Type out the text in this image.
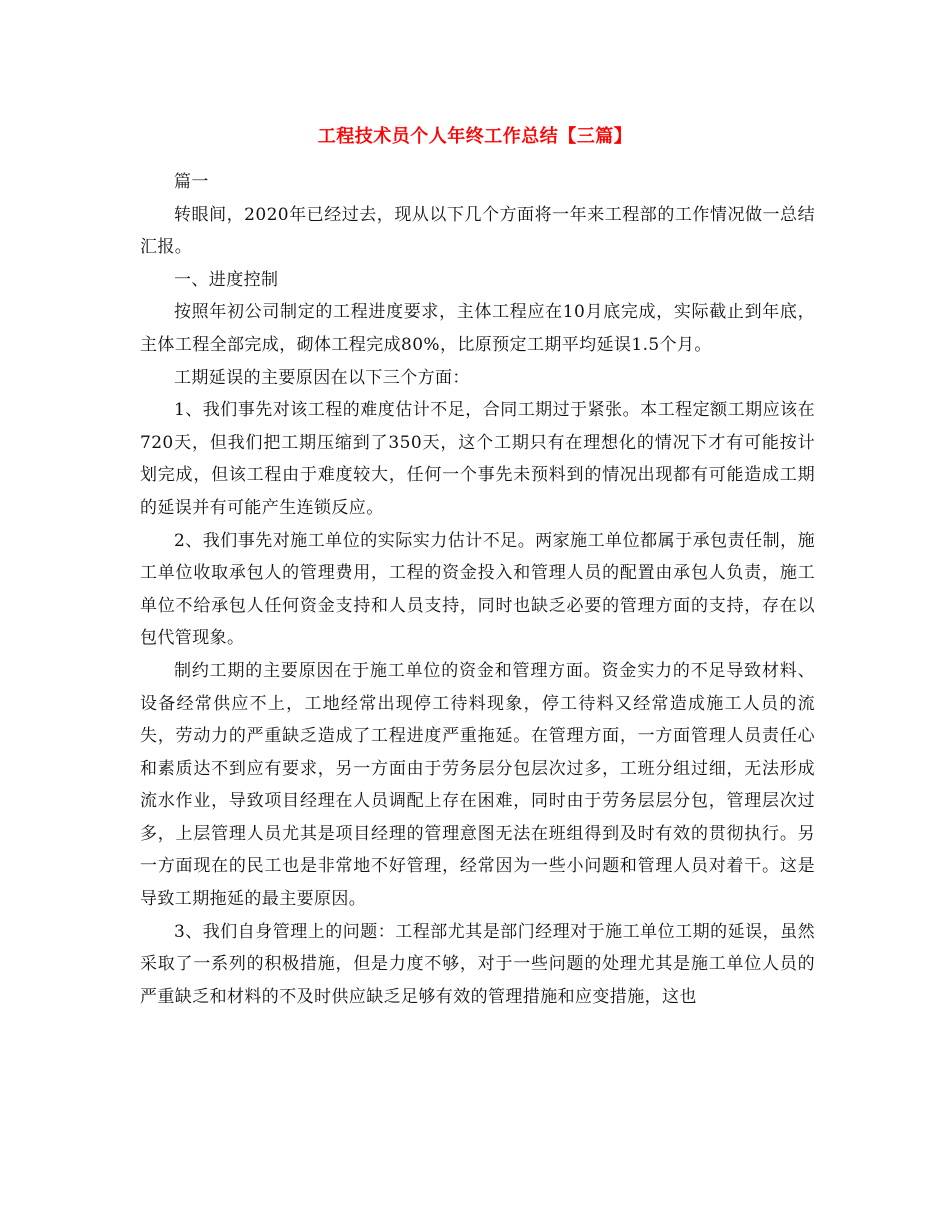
工程技术员个人年终工作总结【三篇】

篇一

转眼间，2020年已经过去，现从以下几个方面将一年来工程部的工作情况做一总结汇报。

一、进度控制

按照年初公司制定的工程进度要求，主体工程应在10月底完成，实际截止到年底，主体工程全部完成，砌体工程完成80%，比原预定工期平均延误1.5个月。

工期延误的主要原因在以下三个方面：

1、我们事先对该工程的难度估计不足，合同工期过于紧张。本工程定额工期应该在720天，但我们把工期压缩到了350天，这个工期只有在理想化的情况下才有可能按计划完成，但该工程由于难度较大，任何一个事先未预料到的情况出现都有可能造成工期的延误并有可能产生连锁反应。

2、我们事先对施工单位的实际实力估计不足。两家施工单位都属于承包责任制，施工单位收取承包人的管理费用，工程的资金投入和管理人员的配置由承包人负责，施工单位不给承包人任何资金支持和人员支持，同时也缺乏必要的管理方面的支持，存在以包代管现象。

制约工期的主要原因在于施工单位的资金和管理方面。资金实力的不足导致材料、设备经常供应不上，工地经常出现停工待料现象，停工待料又经常造成施工人员的流失，劳动力的严重缺乏造成了工程进度严重拖延。在管理方面，一方面管理人员责任心和素质达不到应有要求，另一方面由于劳务层分包层次过多，工班分组过细，无法形成流水作业，导致项目经理在人员调配上存在困难，同时由于劳务层层分包，管理层次过多，上层管理人员尤其是项目经理的管理意图无法在班组得到及时有效的贯彻执行。另一方面现在的民工也是非常地不好管理，经常因为一些小问题和管理人员对着干。这是导致工期拖延的最主要原因。

3、我们自身管理上的问题：工程部尤其是部门经理对于施工单位工期的延误，虽然采取了一系列的积极措施，但是力度不够，对于一些问题的处理尤其是施工单位人员的严重缺乏和材料的不及时供应缺乏足够有效的管理措施和应变措施，这也
